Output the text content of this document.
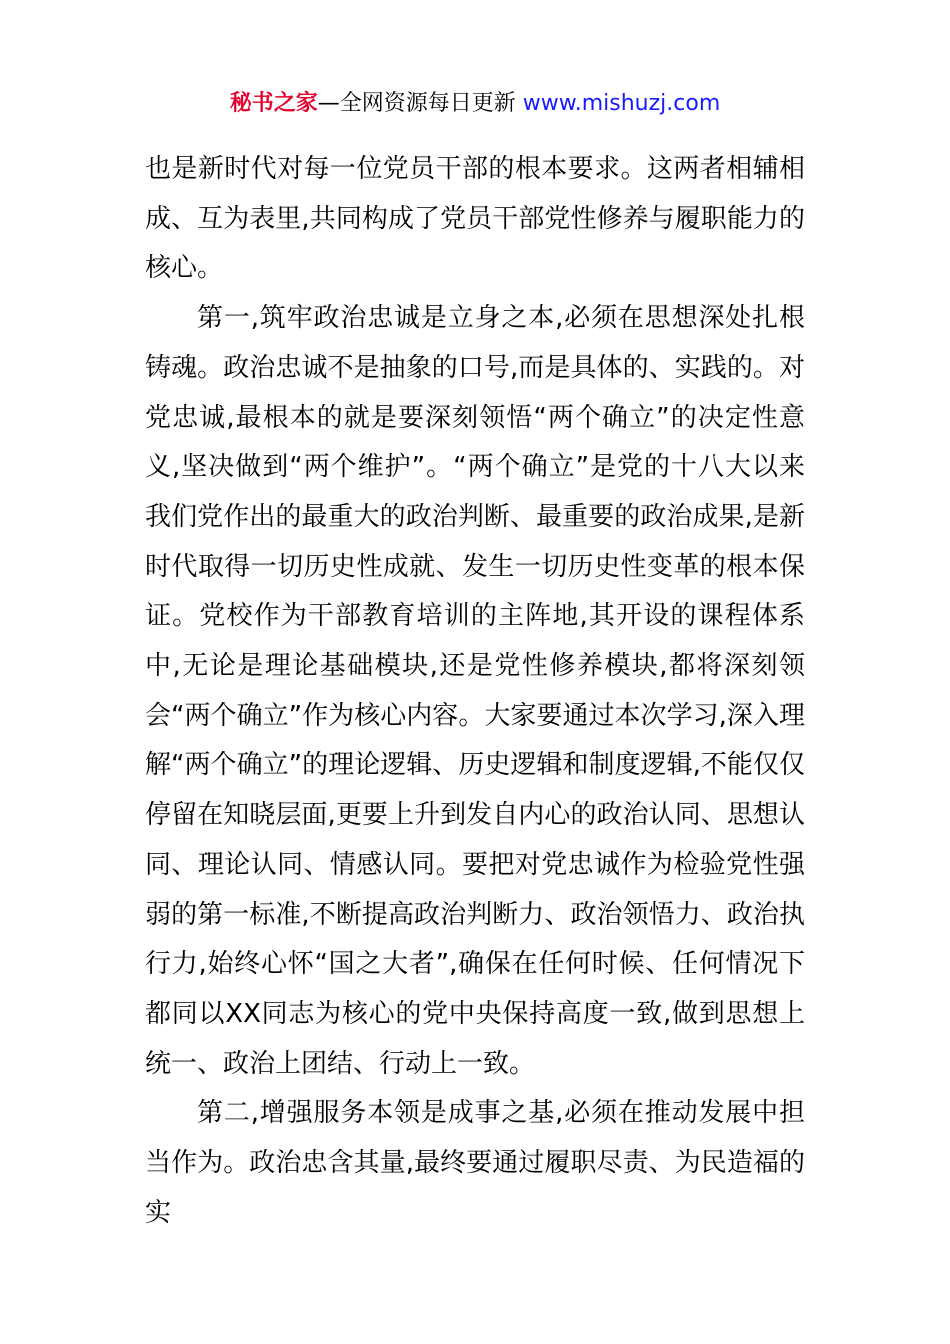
秘书之家—全网资源每日更新 www.mishuzj.com

也是新时代对每一位党员干部的根本要求。这两者相辅相成、互为表里,共同构成了党员干部党性修养与履职能力的核心。

第一,筑牢政治忠诚是立身之本,必须在思想深处扎根铸魂。政治忠诚不是抽象的口号,而是具体的、实践的。对党忠诚,最根本的就是要深刻领悟“两个确立”的决定性意义,坚决做到“两个维护”。“两个确立”是党的十八大以来我们党作出的最重大的政治判断、最重要的政治成果,是新时代取得一切历史性成就、发生一切历史性变革的根本保证。党校作为干部教育培训的主阵地,其开设的课程体系中,无论是理论基础模块,还是党性修养模块,都将深刻领会“两个确立”作为核心内容。大家要通过本次学习,深入理解“两个确立”的理论逻辑、历史逻辑和制度逻辑,不能仅仅停留在知晓层面,更要上升到发自内心的政治认同、思想认同、理论认同、情感认同。要把对党忠诚作为检验党性强弱的第一标准,不断提高政治判断力、政治领悟力、政治执行力,始终心怀“国之大者”,确保在任何时候、任何情况下都同以XX同志为核心的党中央保持高度一致,做到思想上统一、政治上团结、行动上一致。

第二,增强服务本领是成事之基,必须在推动发展中担当作为。政治忠含其量,最终要通过履职尽责、为民造福的实
